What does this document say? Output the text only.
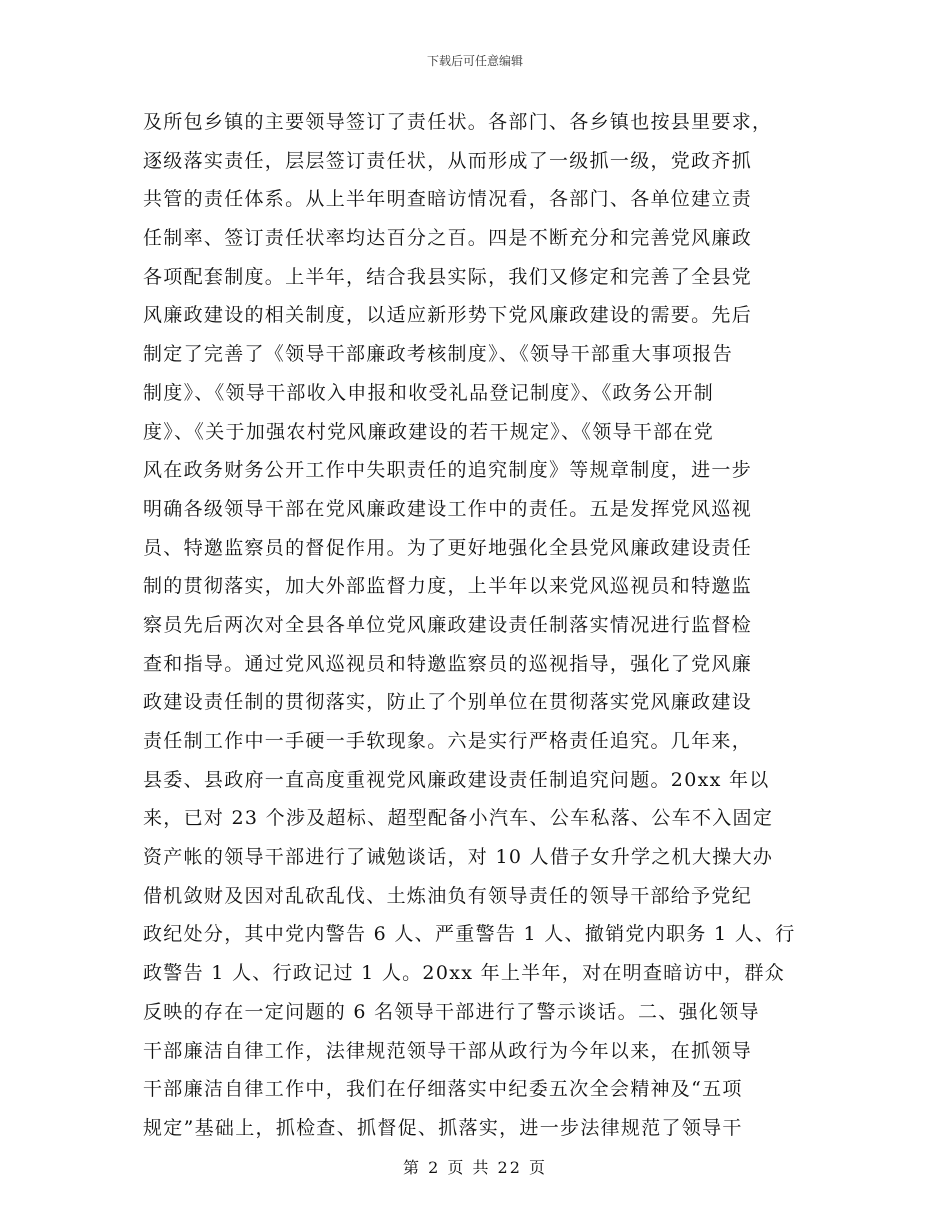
下载后可任意编辑
及所包乡镇的主要领导签订了责任状。各部门、各乡镇也按县里要求，
逐级落实责任，层层签订责任状，从而形成了一级抓一级，党政齐抓
共管的责任体系。从上半年明查暗访情况看，各部门、各单位建立责
任制率、签订责任状率均达百分之百。四是不断充分和完善党风廉政
各项配套制度。上半年，结合我县实际，我们又修定和完善了全县党
风廉政建设的相关制度，以适应新形势下党风廉政建设的需要。先后
制定了完善了《领导干部廉政考核制度》、《领导干部重大事项报告
制度》、《领导干部收入申报和收受礼品登记制度》、《政务公开制
度》、《关于加强农村党风廉政建设的若干规定》、《领导干部在党
风在政务财务公开工作中失职责任的追究制度》等规章制度，进一步
明确各级领导干部在党风廉政建设工作中的责任。五是发挥党风巡视
员、特邀监察员的督促作用。为了更好地强化全县党风廉政建设责任
制的贯彻落实，加大外部监督力度，上半年以来党风巡视员和特邀监
察员先后两次对全县各单位党风廉政建设责任制落实情况进行监督检
查和指导。通过党风巡视员和特邀监察员的巡视指导，强化了党风廉
政建设责任制的贯彻落实，防止了个别单位在贯彻落实党风廉政建设
责任制工作中一手硬一手软现象。六是实行严格责任追究。几年来，
县委、县政府一直高度重视党风廉政建设责任制追究问题。20xx 年以
来，已对 23 个涉及超标、超型配备小汽车、公车私落、公车不入固定
资产帐的领导干部进行了诫勉谈话，对 10 人借子女升学之机大操大办
借机敛财及因对乱砍乱伐、土炼油负有领导责任的领导干部给予党纪
政纪处分，其中党内警告 6 人、严重警告 1 人、撤销党内职务 1 人、行
政警告 1 人、行政记过 1 人。20xx 年上半年，对在明查暗访中，群众
反映的存在一定问题的 6 名领导干部进行了警示谈话。二、强化领导
干部廉洁自律工作，法律规范领导干部从政行为今年以来，在抓领导
干部廉洁自律工作中，我们在仔细落实中纪委五次全会精神及“五项
规定”基础上，抓检查、抓督促、抓落实，进一步法律规范了领导干
第 2 页 共 22 页
